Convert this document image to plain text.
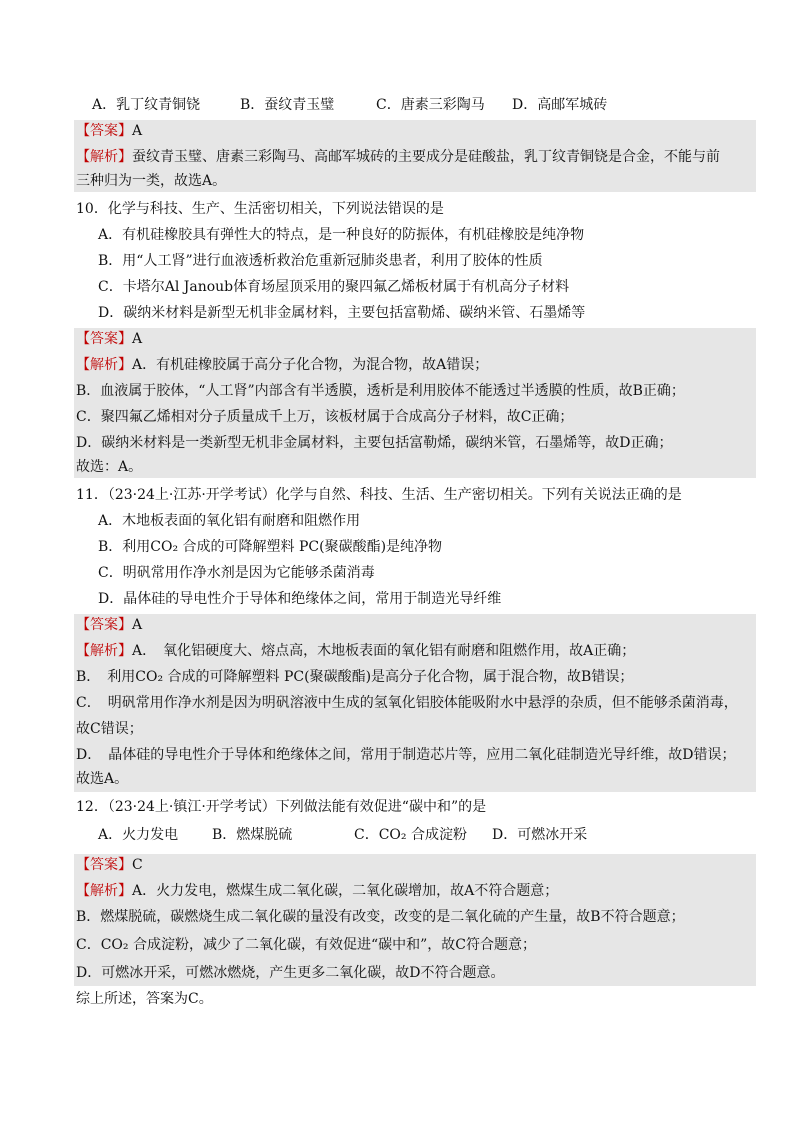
A．乳丁纹青铜铙	B．蚕纹青玉璧	C．唐素三彩陶马	D．高邮军城砖
【答案】A
【解析】蚕纹青玉璧、唐素三彩陶马、高邮军城砖的主要成分是硅酸盐，乳丁纹青铜铙是合金，不能与前
三种归为一类，故选A。
10．化学与科技、生产、生活密切相关，下列说法错误的是
A．有机硅橡胶具有弹性大的特点，是一种良好的防振体，有机硅橡胶是纯净物
B．用“人工肾”进行血液透析救治危重新冠肺炎患者，利用了胶体的性质
C．卡塔尔Al Janoub体育场屋顶采用的聚四氟乙烯板材属于有机高分子材料
D．碳纳米材料是新型无机非金属材料，主要包括富勒烯、碳纳米管、石墨烯等
【答案】A
【解析】A．有机硅橡胶属于高分子化合物，为混合物，故A错误；
B．血液属于胶体，“人工肾”内部含有半透膜，透析是利用胶体不能透过半透膜的性质，故B正确；
C．聚四氟乙烯相对分子质量成千上万，该板材属于合成高分子材料，故C正确；
D．碳纳米材料是一类新型无机非金属材料，主要包括富勒烯，碳纳米管，石墨烯等，故D正确；
故选：A。
11．（23·24上·江苏·开学考试）化学与自然、科技、生活、生产密切相关。下列有关说法正确的是
A．木地板表面的氧化铝有耐磨和阻燃作用
B．利用CO₂ 合成的可降解塑料 PC(聚碳酸酯)是纯净物
C．明矾常用作净水剂是因为它能够杀菌消毒
D．晶体硅的导电性介于导体和绝缘体之间，常用于制造光导纤维
【答案】A
【解析】A．　氧化铝硬度大、熔点高，木地板表面的氧化铝有耐磨和阻燃作用，故A正确；
B．　利用CO₂ 合成的可降解塑料 PC(聚碳酸酯)是高分子化合物，属于混合物，故B错误；
C．　明矾常用作净水剂是因为明矾溶液中生成的氢氧化铝胶体能吸附水中悬浮的杂质，但不能够杀菌消毒，
故C错误；
D．　晶体硅的导电性介于导体和绝缘体之间，常用于制造芯片等，应用二氧化硅制造光导纤维，故D错误；
故选A。
12．（23·24上·镇江·开学考试）下列做法能有效促进“碳中和”的是
A．火力发电	B．燃煤脱硫	C．CO₂ 合成淀粉	D．可燃冰开采
【答案】C
【解析】A．火力发电，燃煤生成二氧化碳，二氧化碳增加，故A不符合题意；
B．燃煤脱硫，碳燃烧生成二氧化碳的量没有改变，改变的是二氧化硫的产生量，故B不符合题意；
C．CO₂ 合成淀粉，减少了二氧化碳，有效促进“碳中和”，故C符合题意；
D．可燃冰开采，可燃冰燃烧，产生更多二氧化碳，故D不符合题意。
综上所述，答案为C。
